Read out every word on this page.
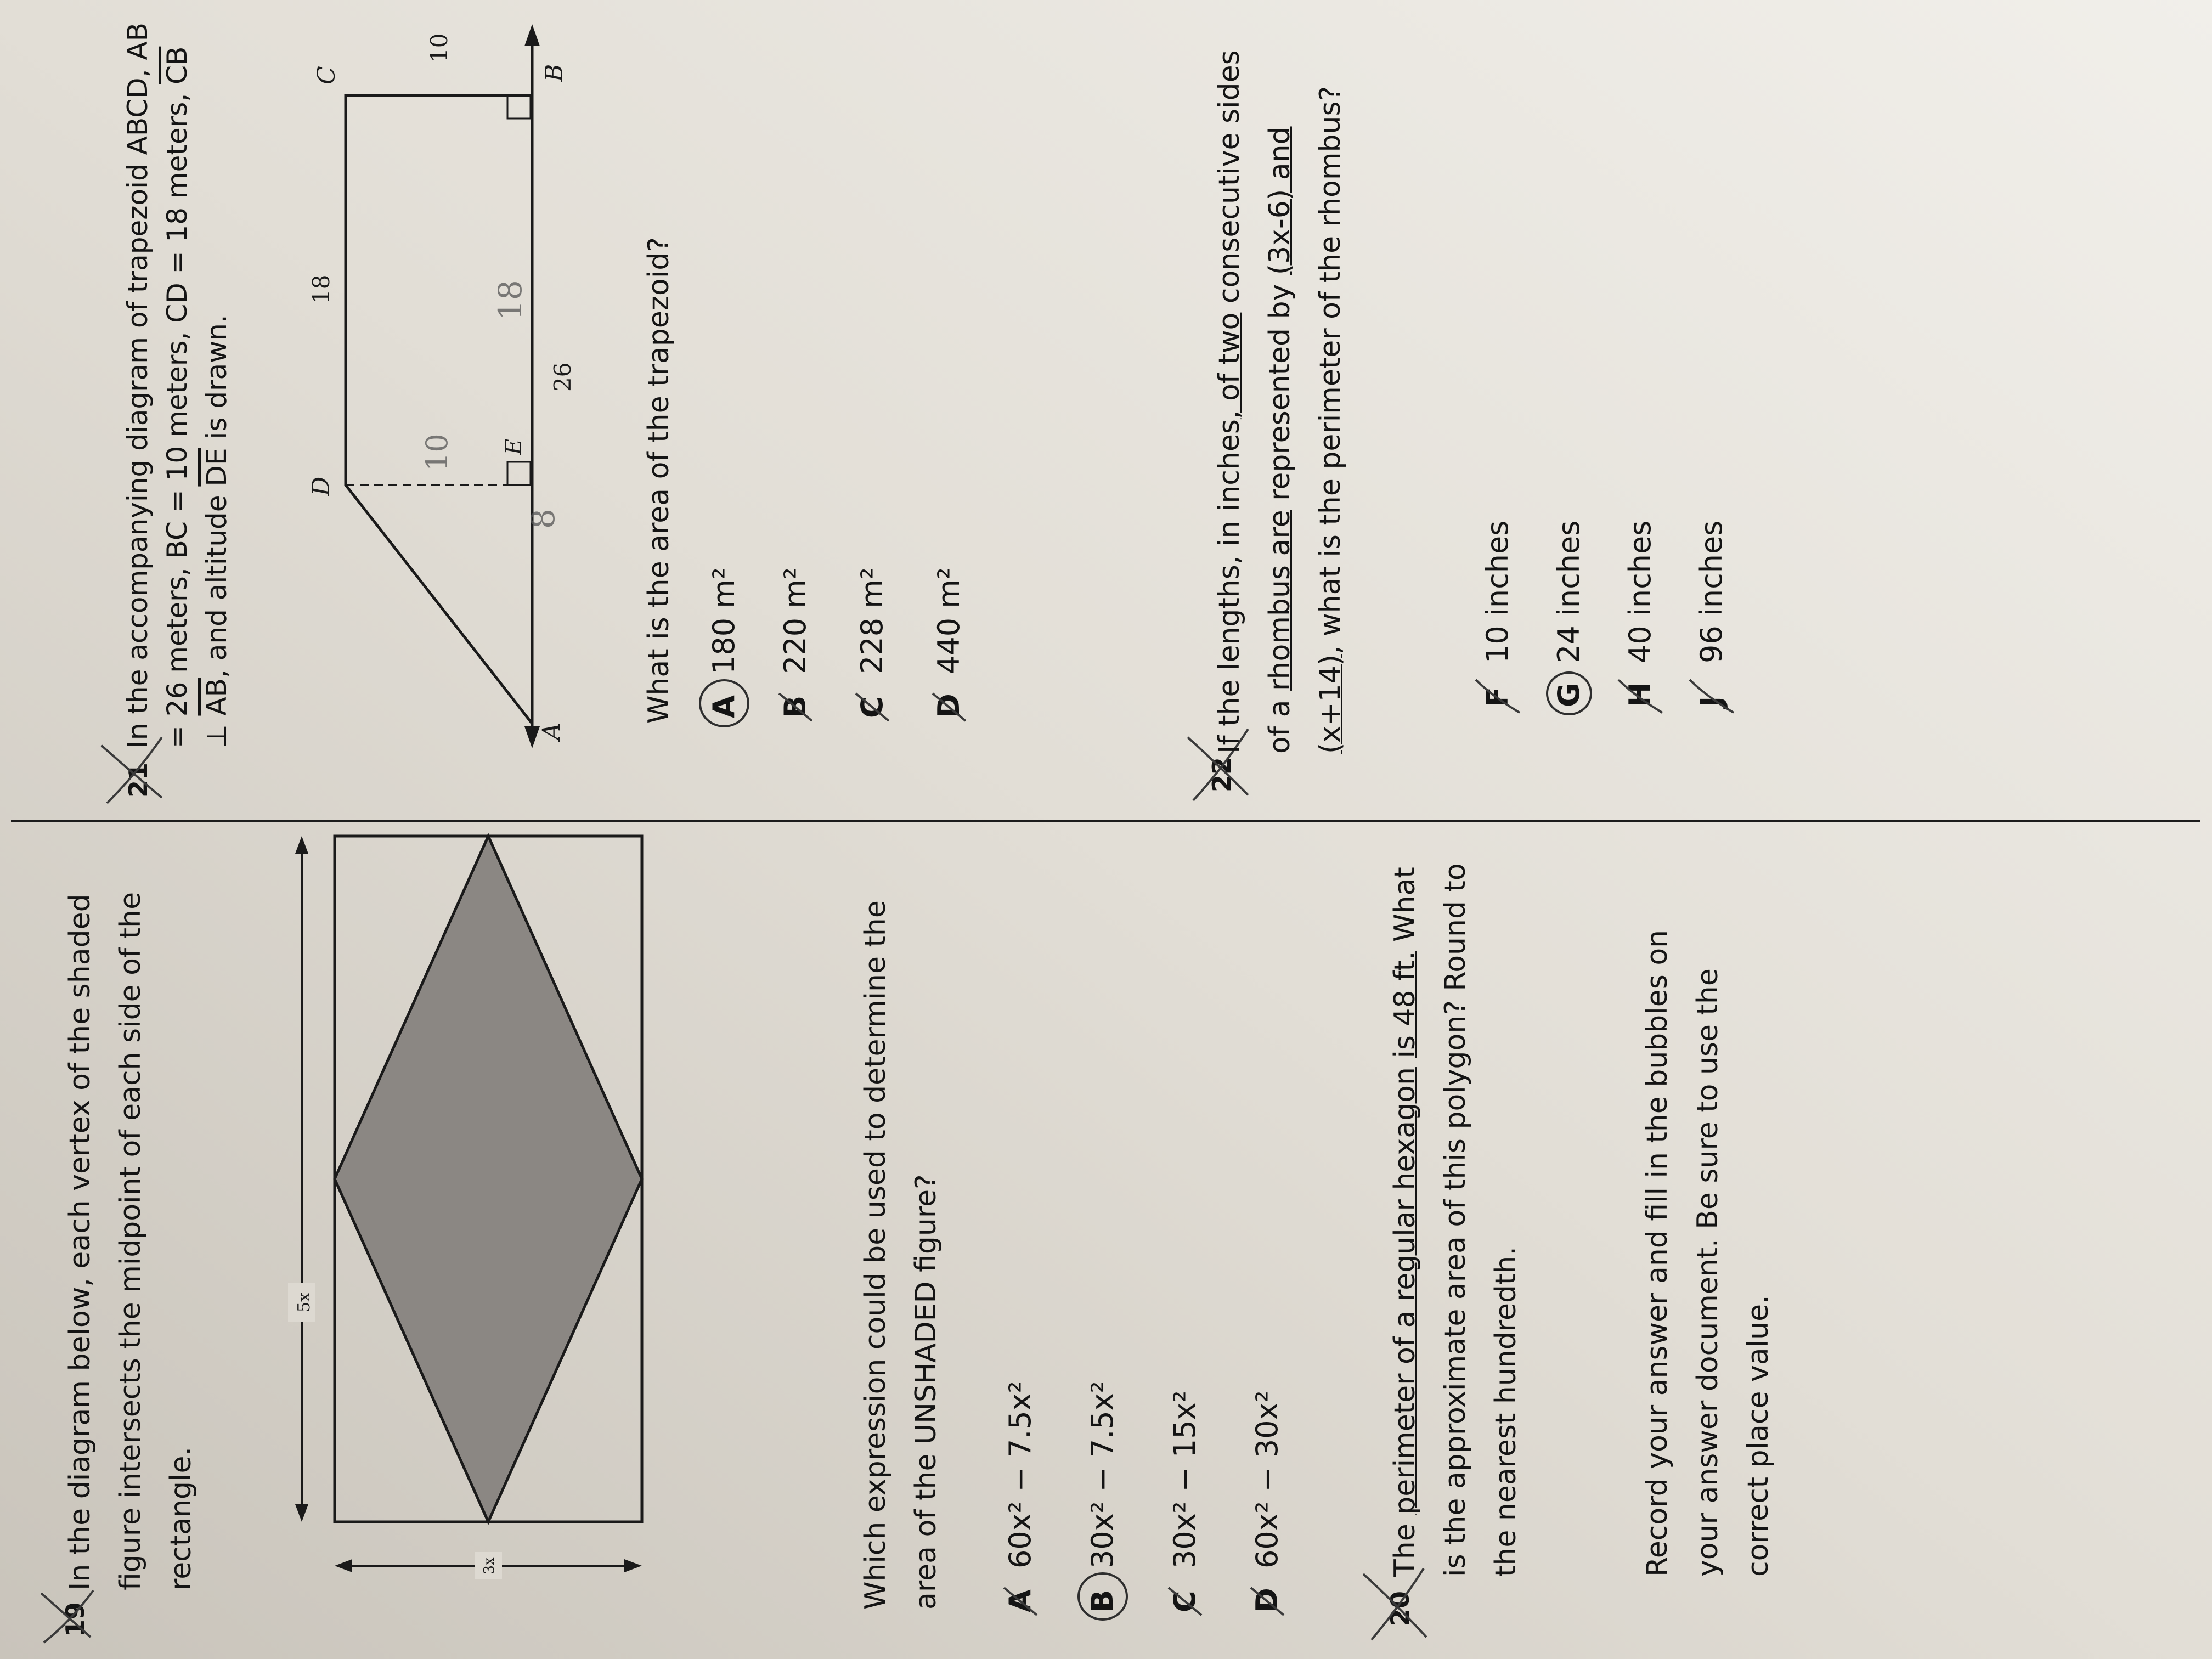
19
In the diagram below, each vertex of the shaded figure intersects the midpoint of each side of the rectangle.
5x
3x	Which expression could be used to determine the area of the UNSHADED figure? 60x² − 7.5x²
B30x² − 7.5x² 30x² − 15x² 60x² − 30x²
20
The perimeter of a regular hexagon is 48 ft. What is the approximate area of this polygon? Round to the nearest hundredth.	Record your answer and fill in the bubbles on your answer document. Be sure to use the correct place value.
21
In the accompanying diagram of trapezoid ABCD, AB = 26 meters, BC = 10 meters, CD = 18 meters, $\overline{CB}$ ⊥ $\overline{AB}$, and altitude $\overline{DE}$ is drawn.
A
B
C
D
E
26
18
10
10
8
18	What is the area of the trapezoid? A180 m² 220 m² 228 m² 440 m²
22
If the lengths, in inches, of two consecutive sides of a rhombus are represented by (3x-6) and (x+14), what is the perimeter of the rhombus?
F10 inches
G24 inches
H40 inches
J96 inches
